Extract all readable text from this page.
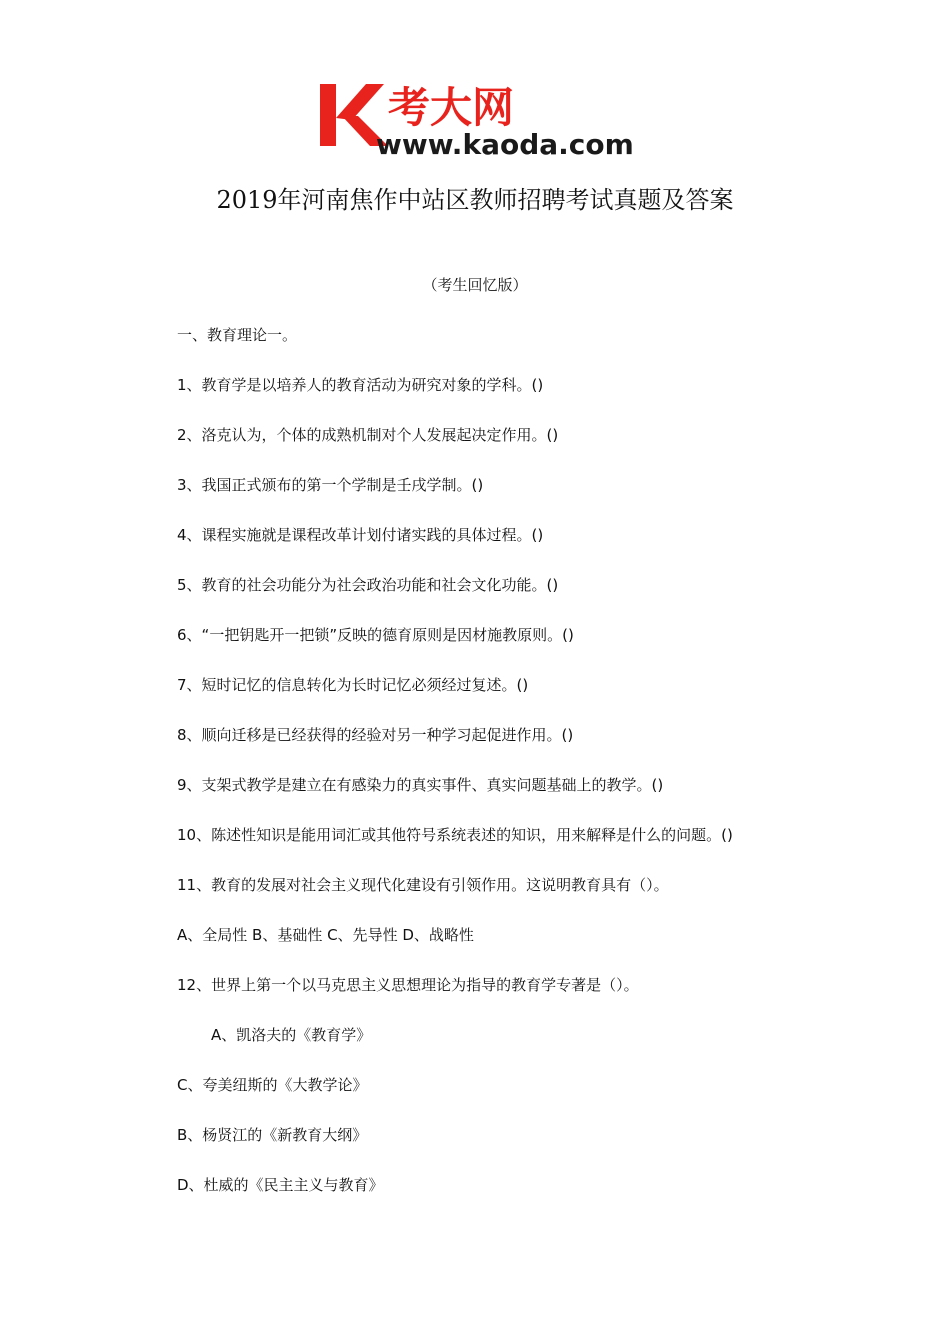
考大网
www.kaoda.com
2019年河南焦作中站区教师招聘考试真题及答案
（考生回忆版）
一、教育理论一。
1、教育学是以培养人的教育活动为研究对象的学科。()
2、洛克认为，个体的成熟机制对个人发展起决定作用。()
3、我国正式颁布的第一个学制是壬戌学制。()
4、课程实施就是课程改革计划付诸实践的具体过程。()
5、教育的社会功能分为社会政治功能和社会文化功能。()
6、“一把钥匙开一把锁”反映的德育原则是因材施教原则。()
7、短时记忆的信息转化为长时记忆必须经过复述。()
8、顺向迁移是已经获得的经验对另一种学习起促进作用。()
9、支架式教学是建立在有感染力的真实事件、真实问题基础上的教学。()
10、陈述性知识是能用词汇或其他符号系统表述的知识，用来解释是什么的问题。()
11、教育的发展对社会主义现代化建设有引领作用。这说明教育具有（）。
A、全局性 B、基础性 C、先导性 D、战略性
12、世界上第一个以马克思主义思想理论为指导的教育学专著是（）。
A、凯洛夫的《教育学》
C、夸美纽斯的《大教学论》
B、杨贤江的《新教育大纲》
D、杜威的《民主主义与教育》
